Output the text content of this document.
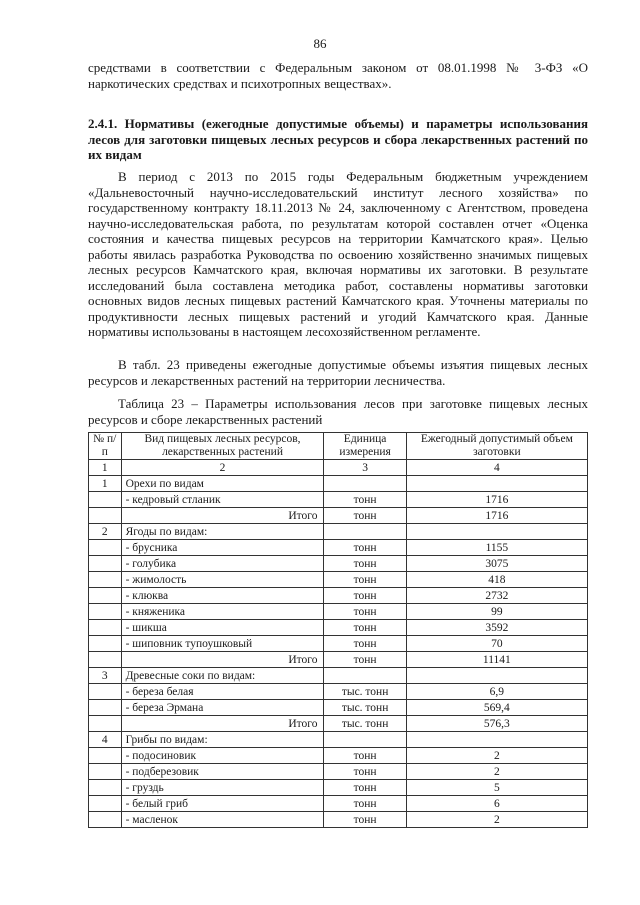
86

средствами в соответствии с Федеральным законом от 08.01.1998 № 3-ФЗ «О наркотических средствах и психотропных веществах».

2.4.1. Нормативы (ежегодные допустимые объемы) и параметры использования лесов для заготовки пищевых лесных ресурсов и сбора лекарственных растений по их видам

В период с 2013 по 2015 годы Федеральным бюджетным учреждением «Дальневосточный научно-исследовательский институт лесного хозяйства» по государственному контракту 18.11.2013 № 24, заключенному с Агентством, проведена научно-исследовательская работа, по результатам которой составлен отчет «Оценка состояния и качества пищевых ресурсов на территории Камчатского края». Целью работы явилась разработка Руководства по освоению хозяйственно значимых пищевых лесных ресурсов Камчатского края, включая нормативы их заготовки. В результате исследований была составлена методика работ, составлены нормативы заготовки основных видов лесных пищевых растений Камчатского края. Уточнены материалы по продуктивности лесных пищевых растений и угодий Камчатского края. Данные нормативы использованы в настоящем лесохозяйственном регламенте.

В табл. 23 приведены ежегодные допустимые объемы изъятия пищевых лесных ресурсов и лекарственных растений на территории лесничества.

Таблица 23 – Параметры использования лесов при заготовке пищевых лесных ресурсов и сборе лекарственных растений

№ п/п	Вид пищевых лесных ресурсов, лекарственных растений	Единица измерения	Ежегодный допустимый объем заготовки
1	2	3	4
1	Орехи по видам		
	- кедровый стланик	тонн	1716
	Итого	тонн	1716
2	Ягоды по видам:		
	- брусника	тонн	1155
	- голубика	тонн	3075
	- жимолость	тонн	418
	- клюква	тонн	2732
	- княженика	тонн	99
	- шикша	тонн	3592
	- шиповник тупоушковый	тонн	70
	Итого	тонн	11141
3	Древесные соки по видам:		
	- береза белая	тыс. тонн	6,9
	- береза Эрмана	тыс. тонн	569,4
	Итого	тыс. тонн	576,3
4	Грибы по видам:		
	- подосиновик	тонн	2
	- подберезовик	тонн	2
	- груздь	тонн	5
	- белый гриб	тонн	6
	- масленок	тонн	2
